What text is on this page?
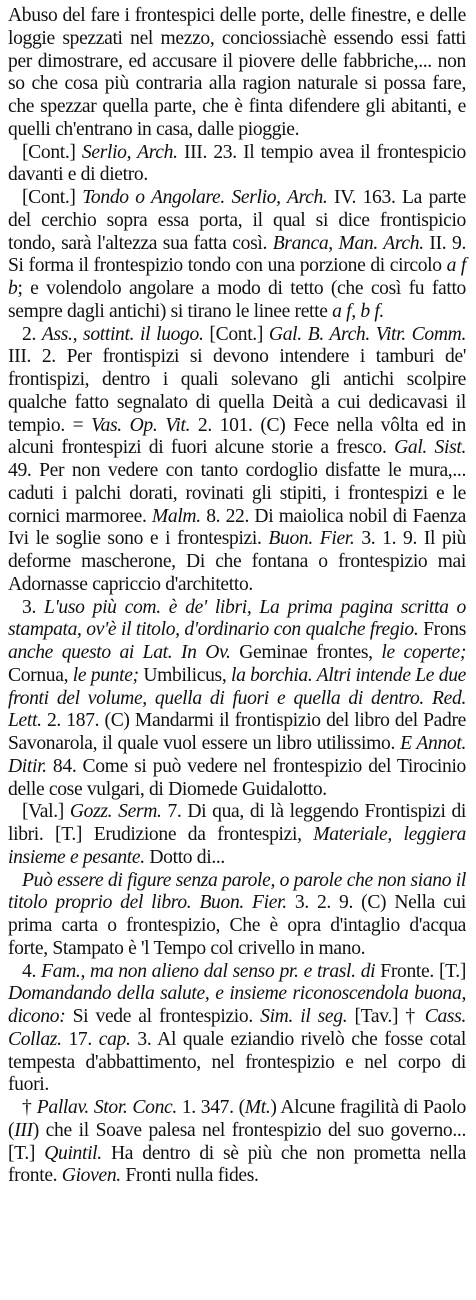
Abuso del fare i frontespici delle porte, delle finestre, e delle loggie spezzati nel mezzo, conciossiachè essendo essi fatti per dimostrare, ed accusare il piovere delle fabbriche,... non so che cosa più contraria alla ragion naturale si possa fare, che spezzar quella parte, che è finta difendere gli abitanti, e quelli ch'entrano in casa, dalle pioggie.

[Cont.] Serlio, Arch. III. 23. Il tempio avea il frontespicio davanti e di dietro.

[Cont.] Tondo o Angolare. Serlio, Arch. IV. 163. La parte del cerchio sopra essa porta, il qual si dice frontispicio tondo, sarà l'altezza sua fatta così. Branca, Man. Arch. II. 9. Si forma il frontespizio tondo con una porzione di circolo a f b; e volendolo angolare a modo di tetto (che così fu fatto sempre dagli antichi) si tirano le linee rette a f, b f.

2. Ass., sottint. il luogo. [Cont.] Gal. B. Arch. Vitr. Comm. III. 2. Per frontispizi si devono intendere i tamburi de' frontispizi, dentro i quali solevano gli antichi scolpire qualche fatto segnalato di quella Deità a cui dedicavasi il tempio. = Vas. Op. Vit. 2. 101. (C) Fece nella vôlta ed in alcuni frontespizi di fuori alcune storie a fresco. Gal. Sist. 49. Per non vedere con tanto cordoglio disfatte le mura,... caduti i palchi dorati, rovinati gli stipiti, i frontespizi e le cornici marmoree. Malm. 8. 22. Di maiolica nobil di Faenza Ivi le soglie sono e i frontespizi. Buon. Fier. 3. 1. 9. Il più deforme mascherone, Di che fontana o frontespizio mai Adornasse capriccio d'architetto.

3. L'uso più com. è de' libri, La prima pagina scritta o stampata, ov'è il titolo, d'ordinario con qualche fregio. Frons anche questo ai Lat. In Ov. Geminae frontes, le coperte; Cornua, le punte; Umbilicus, la borchia. Altri intende Le due fronti del volume, quella di fuori e quella di dentro. Red. Lett. 2. 187. (C) Mandarmi il frontispizio del libro del Padre Savonarola, il quale vuol essere un libro utilissimo. E Annot. Ditir. 84. Come si può vedere nel frontespizio del Tirocinio delle cose vulgari, di Diomede Guidalotto.

[Val.] Gozz. Serm. 7. Di qua, di là leggendo Frontispizi di libri. [T.] Erudizione da frontespizi, Materiale, leggiera insieme e pesante. Dotto di...

Può essere di figure senza parole, o parole che non siano il titolo proprio del libro. Buon. Fier. 3. 2. 9. (C) Nella cui prima carta o frontespizio, Che è opra d'intaglio d'acqua forte, Stampato è 'l Tempo col crivello in mano.

4. Fam., ma non alieno dal senso pr. e trasl. di Fronte. [T.] Domandando della salute, e insieme riconoscendola buona, dicono: Si vede al frontespizio. Sim. il seg. [Tav.] † Cass. Collaz. 17. cap. 3. Al quale eziandio rivelò che fosse cotal tempesta d'abbattimento, nel frontespizio e nel corpo di fuori.

† Pallav. Stor. Conc. 1. 347. (Mt.) Alcune fragilità di Paolo (III) che il Soave palesa nel frontespizio del suo governo... [T.] Quintil. Ha dentro di sè più che non prometta nella fronte. Gioven. Fronti nulla fides.
